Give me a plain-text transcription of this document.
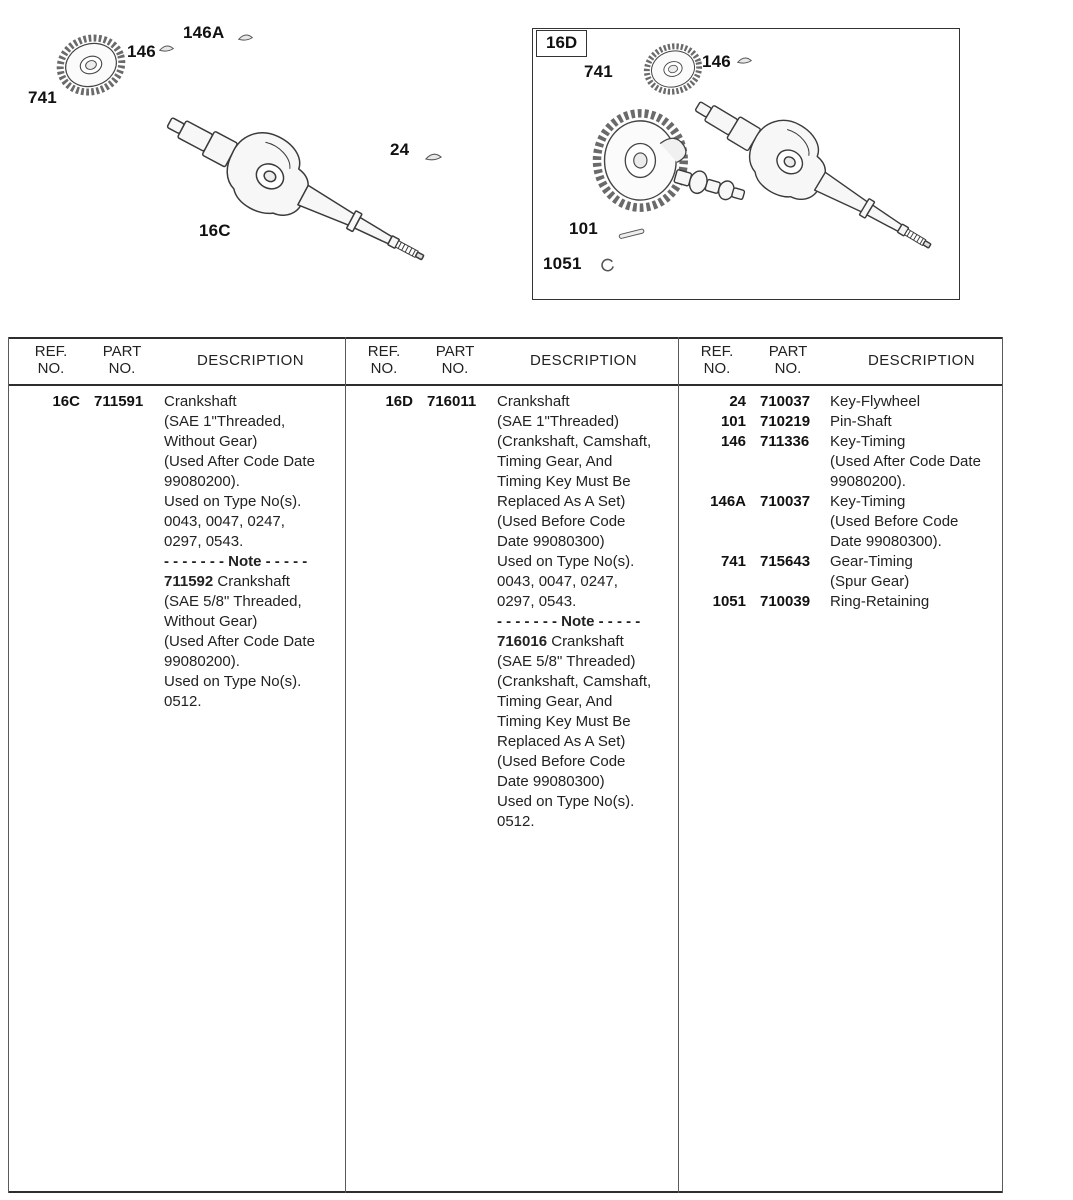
741
146
146A
24
16C
16D
741
146
101
1051
REF.
NO.
PART
NO.	DESCRIPTION	REF.
NO.
PART
NO.	DESCRIPTION	REF.
NO.
PART
NO.	DESCRIPTION
16C 711591	Crankshaft
(SAE 1"Threaded,
Without Gear)
(Used After Code Date
99080200).
Used on Type No(s).
0043, 0047, 0247,
0297, 0543.
- - - - - - - Note - - - - -
711592 Crankshaft
(SAE 5/8" Threaded,
Without Gear)
(Used After Code Date
99080200).
Used on Type No(s).
0512.
16D 716011	Crankshaft
(SAE 1"Threaded)
(Crankshaft, Camshaft,
Timing Gear, And
Timing Key Must Be
Replaced As A Set)
(Used Before Code
Date 99080300)
Used on Type No(s).
0043, 0047, 0247,
0297, 0543.
- - - - - - - Note - - - - -
716016 Crankshaft
(SAE 5/8" Threaded)
(Crankshaft, Camshaft,
Timing Gear, And
Timing Key Must Be
Replaced As A Set)
(Used Before Code
Date 99080300)
Used on Type No(s).
0512.
24 710037	Key-Flywheel
101 710219	Pin-Shaft
146 711336	Key-Timing
(Used After Code Date
99080200).
146A 710037	Key-Timing
(Used Before Code
Date 99080300).
741 715643	Gear-Timing
(Spur Gear)
1051 710039	Ring-Retaining
